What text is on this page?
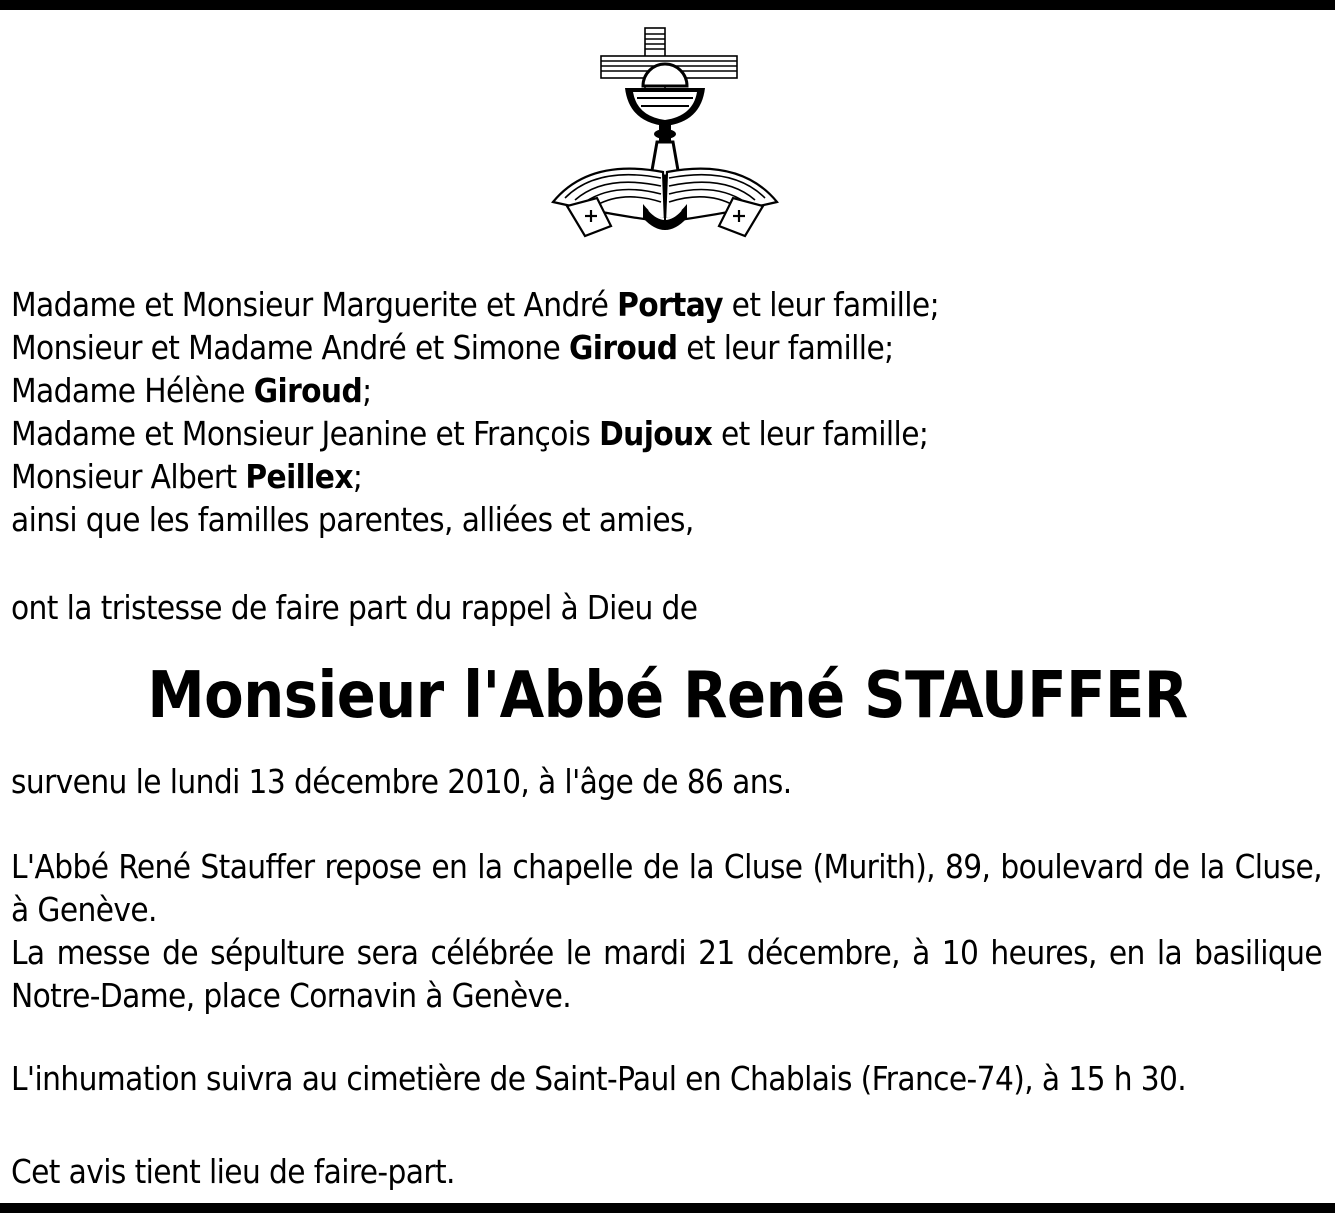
Madame et Monsieur Marguerite et André Portay et leur famille;
Monsieur et Madame André et Simone Giroud et leur famille;
Madame Hélène Giroud;
Madame et Monsieur Jeanine et François Dujoux et leur famille;
Monsieur Albert Peillex;
ainsi que les familles parentes, alliées et amies,
ont la tristesse de faire part du rappel à Dieu de
Monsieur l'Abbé René STAUFFER
survenu le lundi 13 décembre 2010, à l'âge de 86 ans.
L'Abbé René Stauffer repose en la chapelle de la Cluse (Murith), 89, boulevard de la Cluse, à Genève.
La messe de sépulture sera célébrée le mardi 21 décembre, à 10 heures, en la basilique Notre-Dame, place Cornavin à Genève.
L'inhumation suivra au cimetière de Saint-Paul en Chablais (France-74), à 15 h 30.
Cet avis tient lieu de faire-part.
